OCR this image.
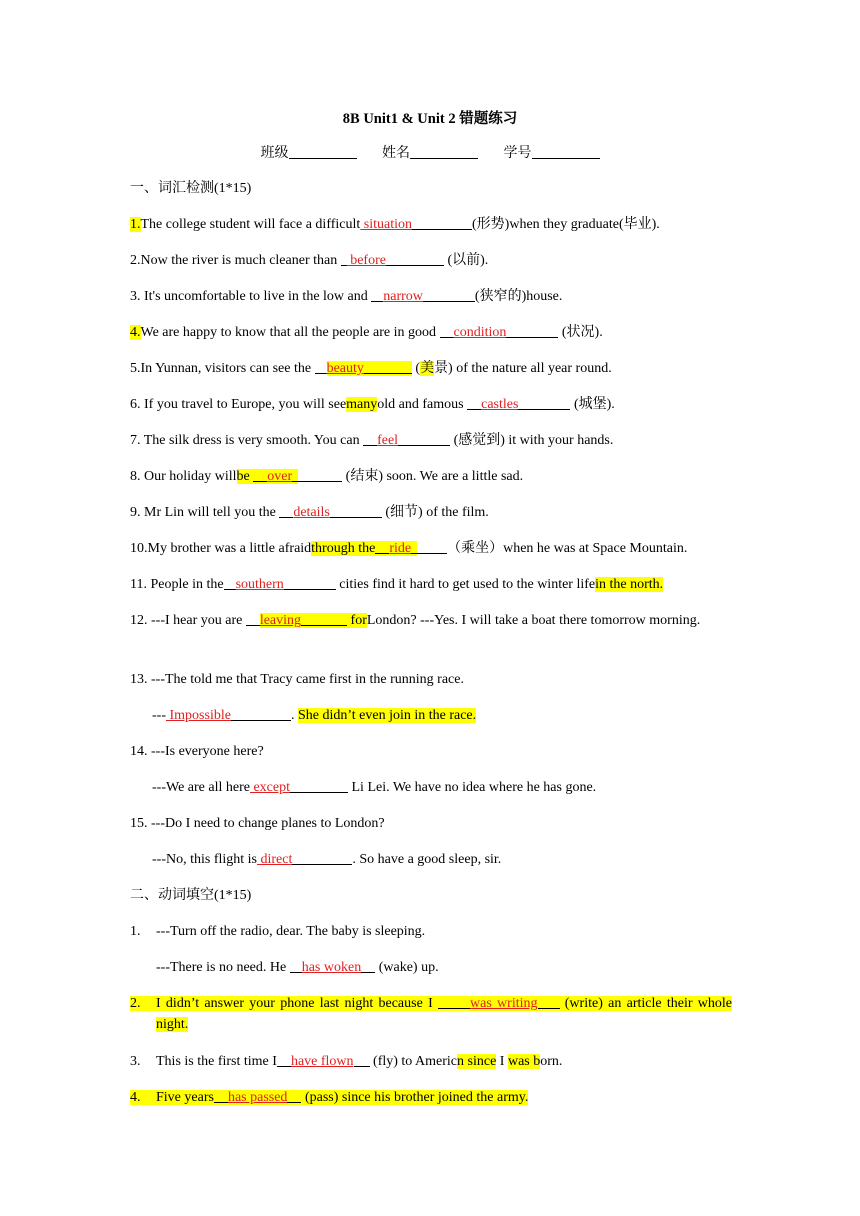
8B Unit1 & Unit 2 错题练习
班级	姓名	学号
一、词汇检测(1*15)
1.The college student will face a difficult situation	(形势)when they graduate(毕业).
2.Now the river is much cleaner than  before	(以前).
3. It's uncomfortable to live in the low and narrow	(狭窄的)house.
4.We are happy to know that all the people are in good condition	(状况).
5.In Yunnan, visitors can see the beauty	(美景) of the nature all year round.
6. If you travel to Europe, you will seemanyold and famous castles	(城堡).
7. The silk dress is very smooth. You can feel	(感觉到) it with your hands.
8. Our holiday willbe over	(结束) soon. We are a little sad.
9. Mr Lin will tell you the details	(细节) of the film.
10.My brother was a little afraidthrough the ride	（乘坐）when he was at Space Mountain.
11. People in the southern	cities find it hard to get used to the winter lifein the north.
12. ---I hear you are leaving	forLondon? ---Yes. I will take a boat there tomorrow morning.
13. ---The told me that Tracy came first in the running race.
--- Impossible	. She didn’t even join in the race.
14. ---Is everyone here?
---We are all here except	Li Lei. We have no idea where he has gone.
15. ---Do I need to change planes to London?
---No, this flight is direct	. So have a good sleep, sir.
二、动词填空(1*15)
1. ---Turn off the radio, dear. The baby is sleeping.
---There is no need. He has woken (wake) up.
2. I didn’t answer your phone last night because I was writing (write) an article their whole night.
3. This is the first time I have flown (fly) to Americn since I was born.
4. Five years has passed (pass) since his brother joined the army.
